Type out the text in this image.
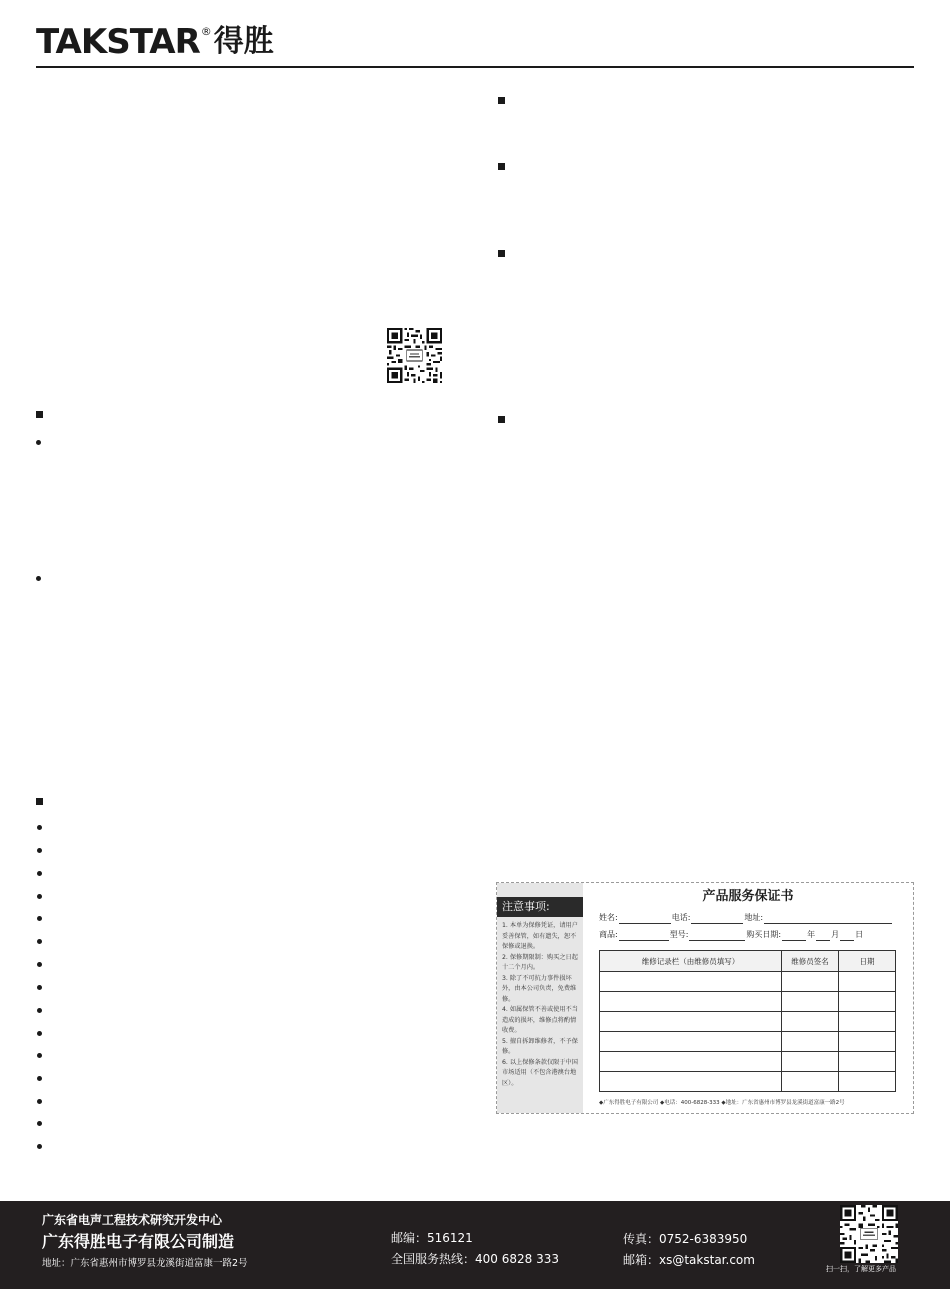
TAKSTAR ® 得胜
注意事项:
1. 本单为保修凭证，请用户妥善保管，如有遗失，恕不保修或退换。
2. 保修期限制：购买之日起十二个月内。
3. 除了不可抗力事件损坏外，由本公司负责，免费维修。
4. 如属保管不善或使用不当造成的损坏，维修点将酌情收费。
5. 擅自拆卸维修者，不予保修。
6. 以上保修条款仅限于中国市场适用（不包含港澳台地区）。
产品服务保证书
姓名:	电话:	地址:
商品:	型号:	购买日期:	年 月 日
维修记录栏（由维修员填写）	维修员签名	日期

◆广东得胜电子有限公司 ◆电话：400-6828-333 ◆地址：广东省惠州市博罗县龙溪街道富康一路2号
广东省电声工程技术研究开发中心
广东得胜电子有限公司制造
地址：广东省惠州市博罗县龙溪街道富康一路2号
邮编：516121
全国服务热线：400 6828 333
传真：0752-6383950
邮箱：xs@takstar.com
扫一扫，了解更多产品
